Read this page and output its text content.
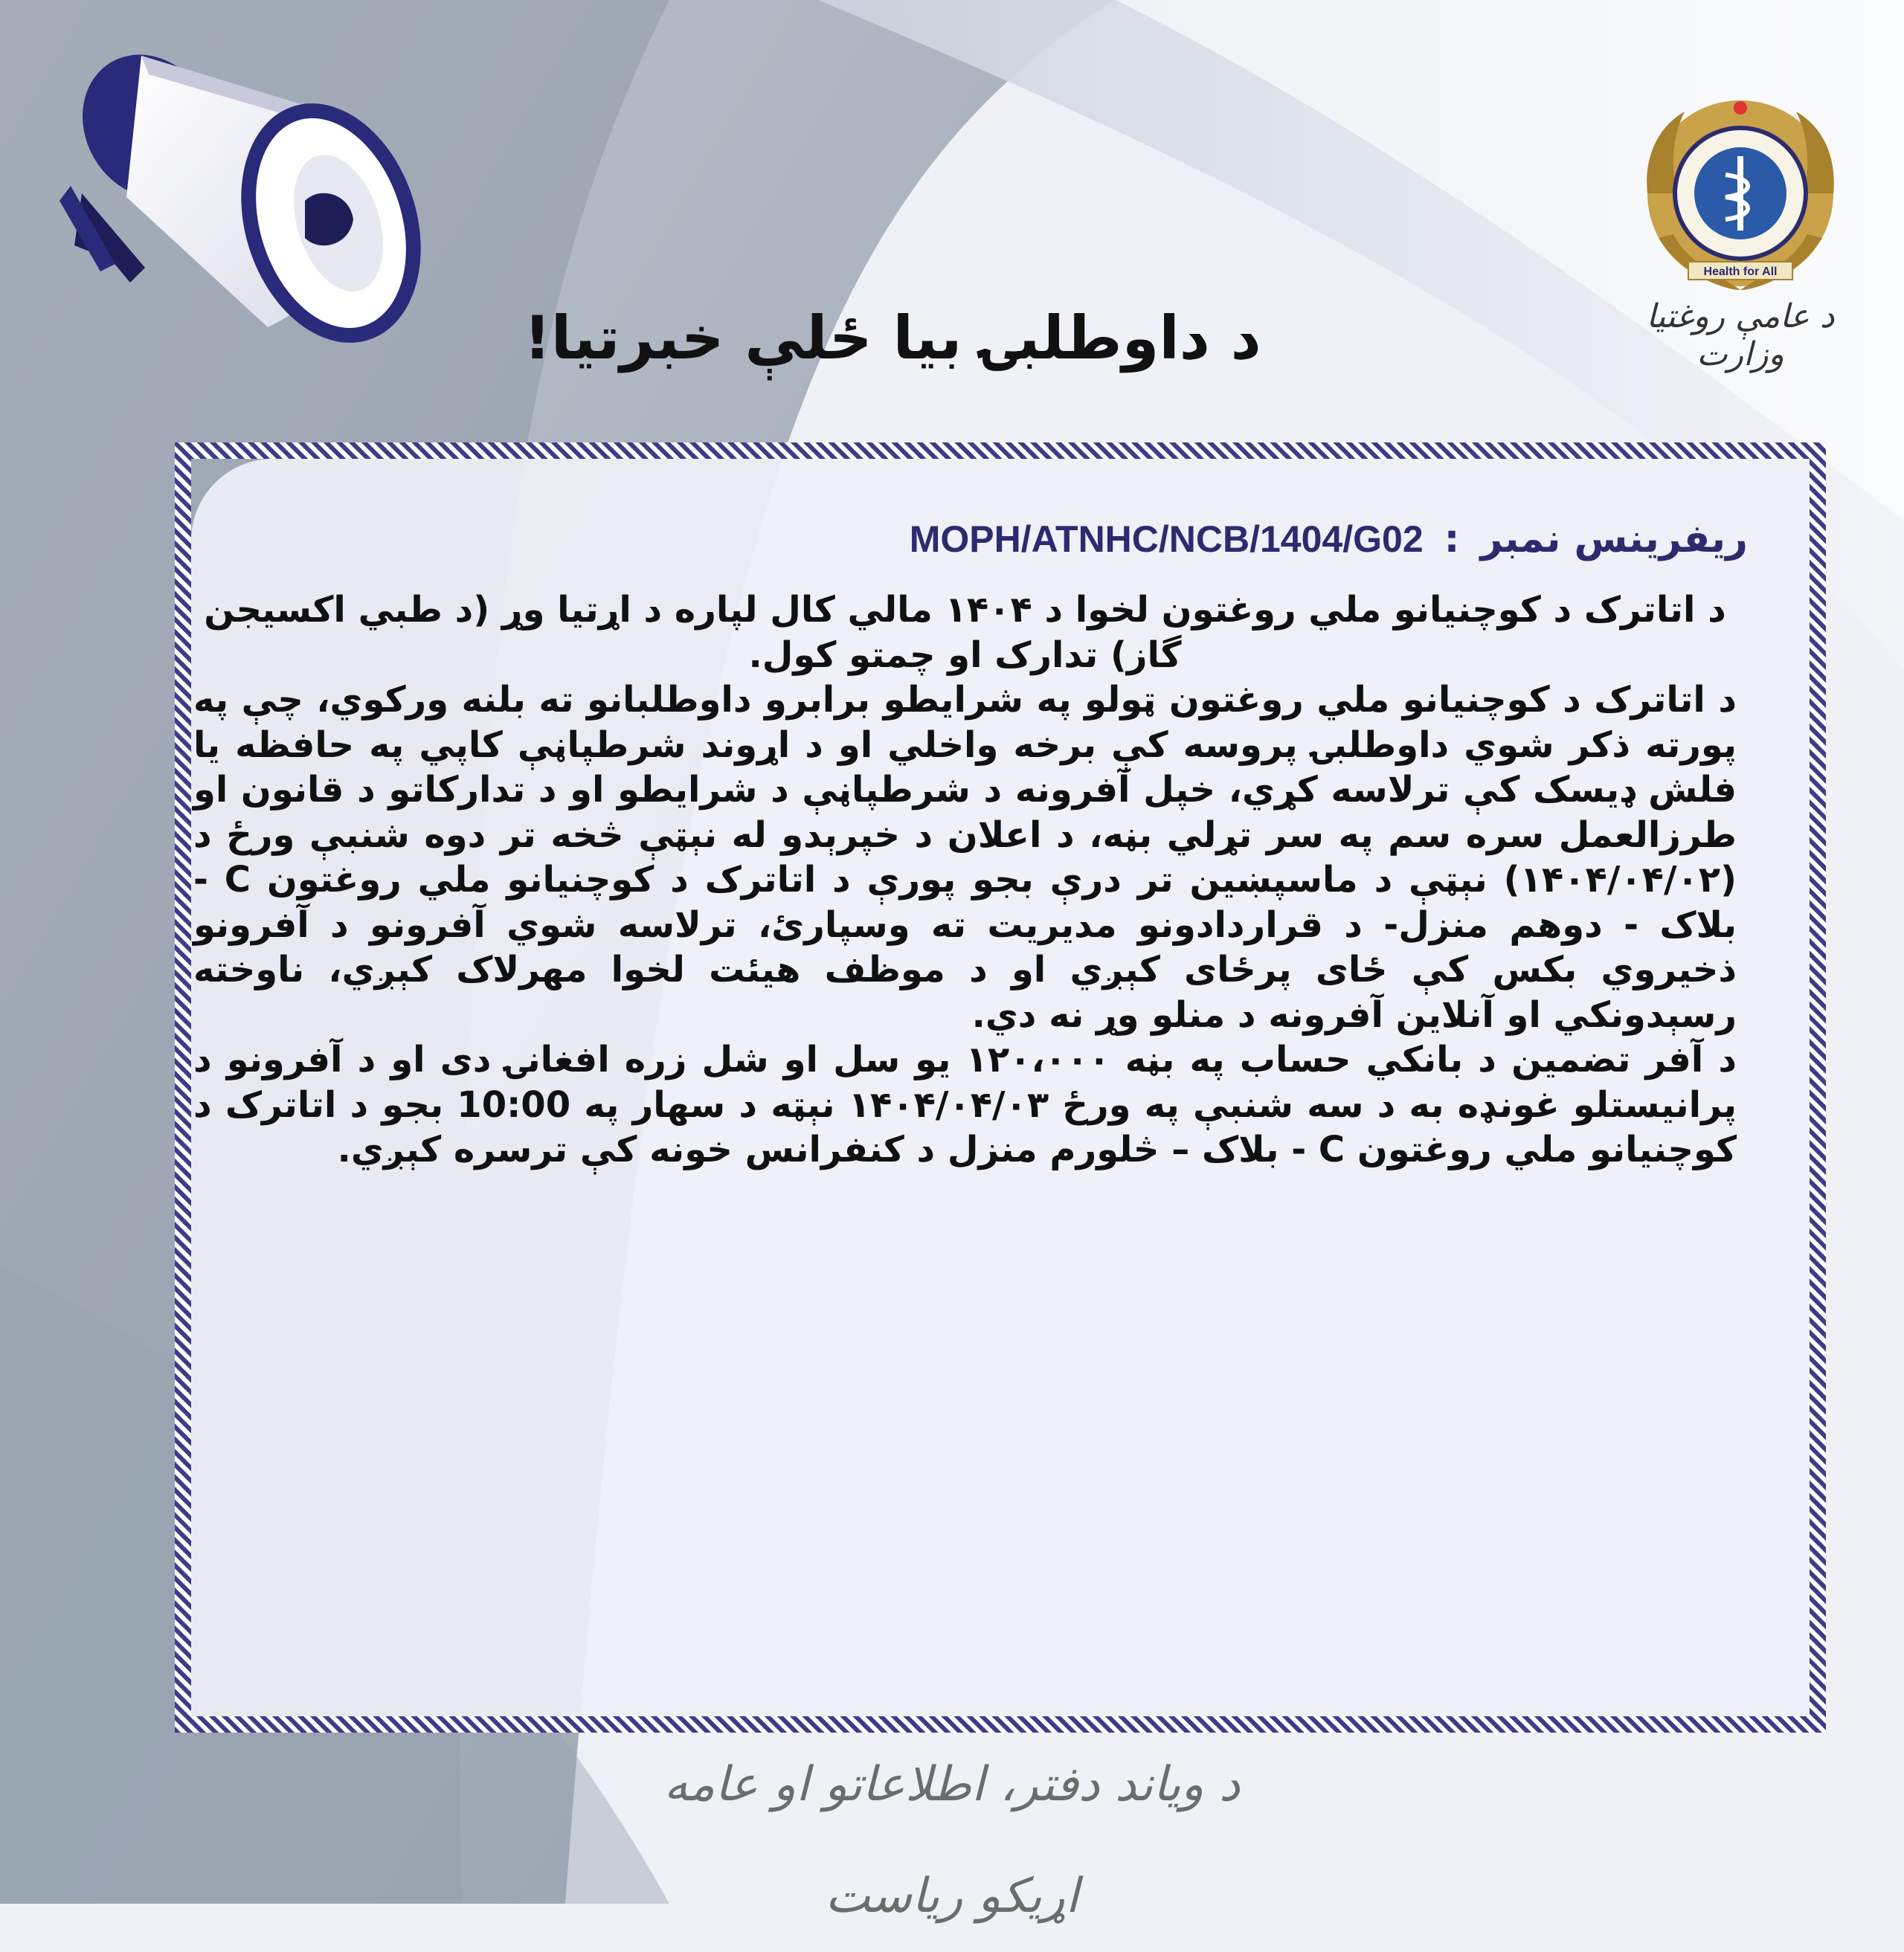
Health for All
د عامې روغتیا وزارت
د داوطلبۍ بیا ځلې خبرتیا!
ریفرینس نمبر
:
MOPH/ATNHC/NCB/1404/G02

د اتاترک د کوچنیانو ملي روغتون لخوا د ۱۴۰۴ مالي کال لپاره د اړتیا وړ (د طبي اکسیجن گاز) تدارک او چمتو کول.

د اتاترک د کوچنیانو ملي روغتون ټولو په شرایطو برابرو داوطلبانو ته بلنه ورکوي، چې په پورته ذکر شوي داوطلبۍ پروسه کې برخه واخلي او د اړوند شرطپاڼې کاپي په حافظه یا فلش ډیسک کې ترلاسه کړي، خپل آفرونه د شرطپاڼې د شرایطو او د تدارکاتو د قانون او طرزالعمل سره سم په سر تړلي بڼه، د اعلان د خپرېدو له نېټې څخه تر دوه شنبې ورځ د (۱۴۰۴/۰۴/۰۲) نېټې د ماسپښین تر درې بجو پورې د اتاترک د کوچنیانو ملي روغتون C - بلاک - دوهم منزل- د قراردادونو مدیریت ته وسپارئ، ترلاسه شوي آفرونو د آفرونو ذخیروي بکس کې ځای پرځای کېږي او د موظف هیئت لخوا مهرلاک کېږي، ناوخته رسېدونکي او آنلاین آفرونه د منلو وړ نه دي.

د آفر تضمین د بانکي حساب په بڼه ۱۲۰،۰۰۰ یو سل او شل زره افغانۍ دی او د آفرونو د پرانیستلو غونډه به د سه شنبې په ورځ ۱۴۰۴/۰۴/۰۳ نېټه د سهار په 10:00 بجو د اتاترک د کوچنیانو ملي روغتون C - بلاک – څلورم منزل د کنفرانس خونه کې ترسره کېږي.

د ویاند دفتر، اطلاعاتو او عامه اړیکو ریاست
